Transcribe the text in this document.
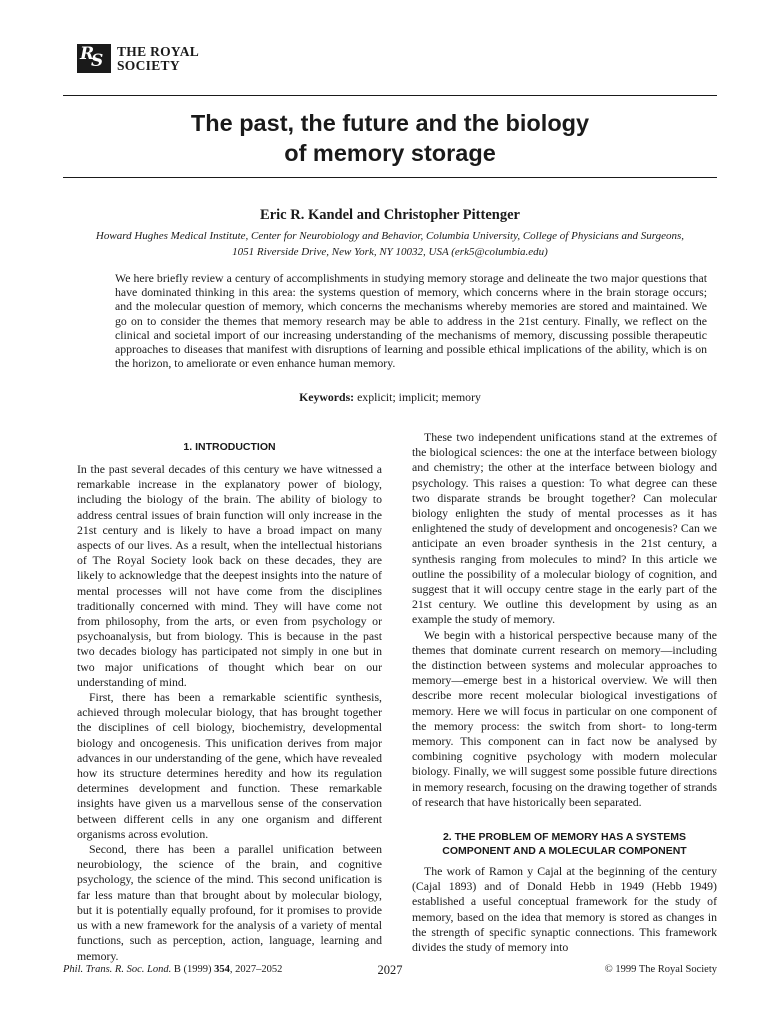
R
S THE ROYAL
SOCIETY
The past, the future and the biology
of memory storage
Eric R. Kandel and Christopher Pittenger
Howard Hughes Medical Institute, Center for Neurobiology and Behavior, Columbia University, College of Physicians and Surgeons,
1051 Riverside Drive, New York, NY 10032, USA (erk5@columbia.edu)

We here briefly review a century of accomplishments in studying memory storage and delineate the two major questions that have dominated thinking in this area: the systems question of memory, which concerns where in the brain storage occurs; and the molecular question of memory, which concerns the mechanisms whereby memories are stored and maintained. We go on to consider the themes that memory research may be able to address in the 21st century. Finally, we reflect on the clinical and societal import of our increasing understanding of the mechanisms of memory, discussing possible therapeutic approaches to diseases that manifest with disruptions of learning and possible ethical implications of the ability, which is on the horizon, to ameliorate or even enhance human memory.

Keywords: explicit; implicit; memory
1. INTRODUCTION

In the past several decades of this century we have witnessed a remarkable increase in the explanatory power of biology, including the biology of the brain. The ability of biology to address central issues of brain function will only increase in the 21st century and is likely to have a broad impact on many aspects of our lives. As a result, when the intellectual historians of The Royal Society look back on these decades, they are likely to acknowledge that the deepest insights into the nature of mental processes will not have come from the disciplines traditionally concerned with mind. They will have come not from philosophy, from the arts, or even from psychology or psychoanalysis, but from biology. This is because in the past two decades biology has participated not simply in one but in two major unifications of thought which bear on our understanding of mind.

First, there has been a remarkable scientific synthesis, achieved through molecular biology, that has brought together the disciplines of cell biology, biochemistry, developmental biology and oncogenesis. This unification derives from major advances in our understanding of the gene, which have revealed how its structure determines heredity and how its regulation determines development and function. These remarkable insights have given us a marvellous sense of the conservation between different cells in any one organism and different organisms across evolution.

Second, there has been a parallel unification between neurobiology, the science of the brain, and cognitive psychology, the science of the mind. This second unification is far less mature than that brought about by molecular biology, but it is potentially equally profound, for it promises to provide us with a new framework for the analysis of a variety of mental functions, such as perception, action, language, learning and memory.

These two independent unifications stand at the extremes of the biological sciences: the one at the interface between biology and chemistry; the other at the interface between biology and psychology. This raises a question: To what degree can these two disparate strands be brought together? Can molecular biology enlighten the study of mental processes as it has enlightened the study of development and oncogenesis? Can we anticipate an even broader synthesis in the 21st century, a synthesis ranging from molecules to mind? In this article we outline the possibility of a molecular biology of cognition, and suggest that it will occupy centre stage in the early part of the 21st century. We outline this development by using as an example the study of memory.

We begin with a historical perspective because many of the themes that dominate current research on memory—including the distinction between systems and molecular approaches to memory—emerge best in a historical overview. We will then describe more recent molecular biological investigations of memory. Here we will focus in particular on one component of the memory process: the switch from short- to long-term memory. This component can in fact now be analysed by combining cognitive psychology with modern molecular biology. Finally, we will suggest some possible future directions in memory research, focusing on the drawing together of strands of research that have historically been separated.

2. THE PROBLEM OF MEMORY HAS A SYSTEMS
COMPONENT AND A MOLECULAR COMPONENT

The work of Ramon y Cajal at the beginning of the century (Cajal 1893) and of Donald Hebb in 1949 (Hebb 1949) established a useful conceptual framework for the study of memory, based on the idea that memory is stored as changes in the strength of specific synaptic connections. This framework divides the study of memory into

Phil. Trans. R. Soc. Lond. B (1999) 354, 2027–2052	2027	© 1999 The Royal Society
